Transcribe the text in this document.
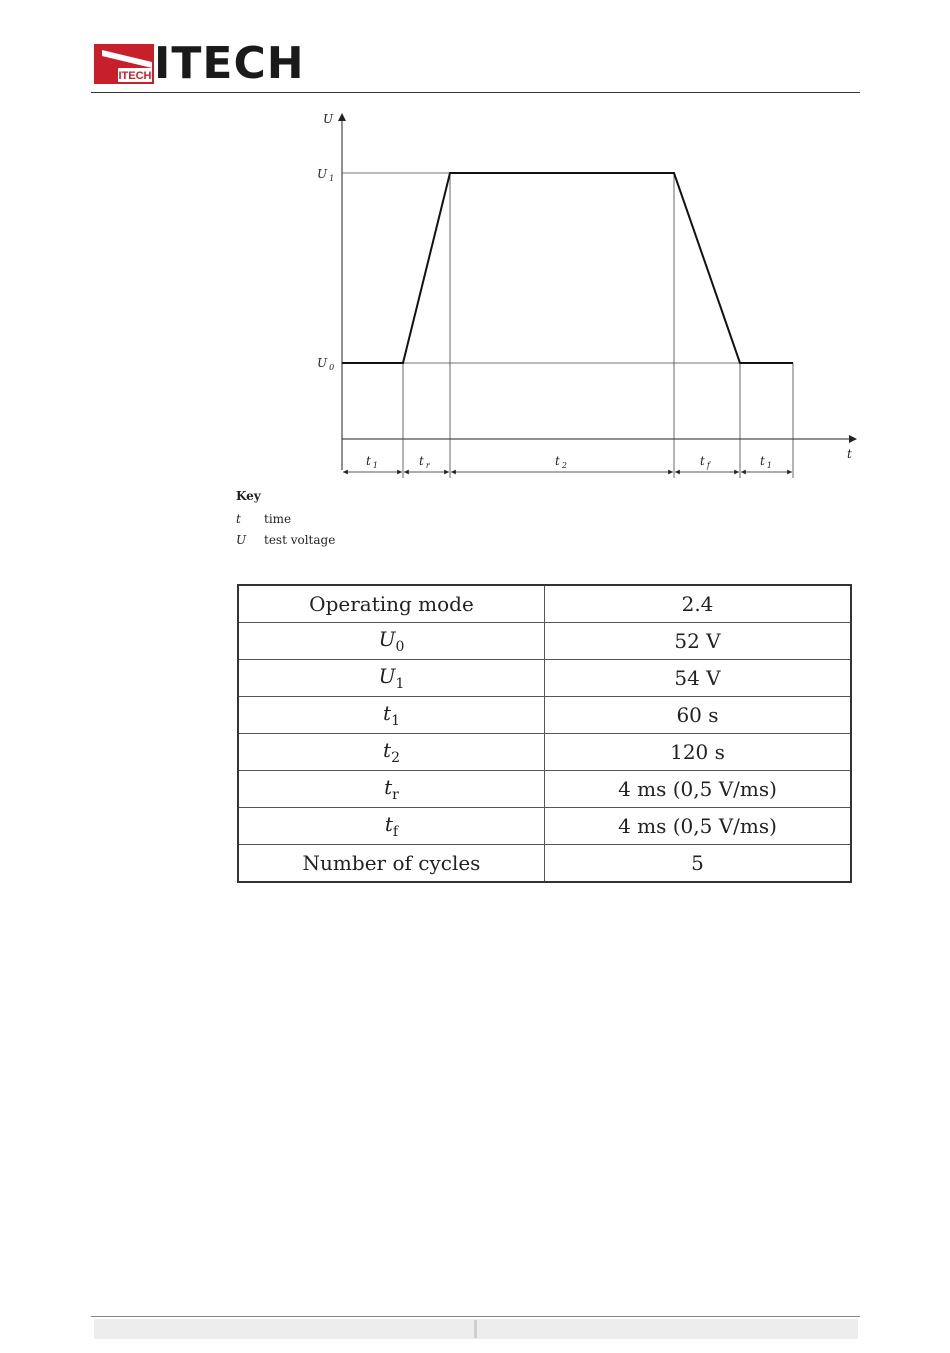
ITECH ITECH
U
t
U $_1$
U $_0$
t $_1$	t $_r$	t $_2$	t $_f$	t $_1$
Key
t	time
U	test voltage
Operating mode	2.4
$U_0$	52 V
$U_1$	54 V
$t_1$	60 s
$t_2$	120 s
$t_r$	4 ms (0,5 V/ms)
$t_f$	4 ms (0,5 V/ms)
Number of cycles	5
